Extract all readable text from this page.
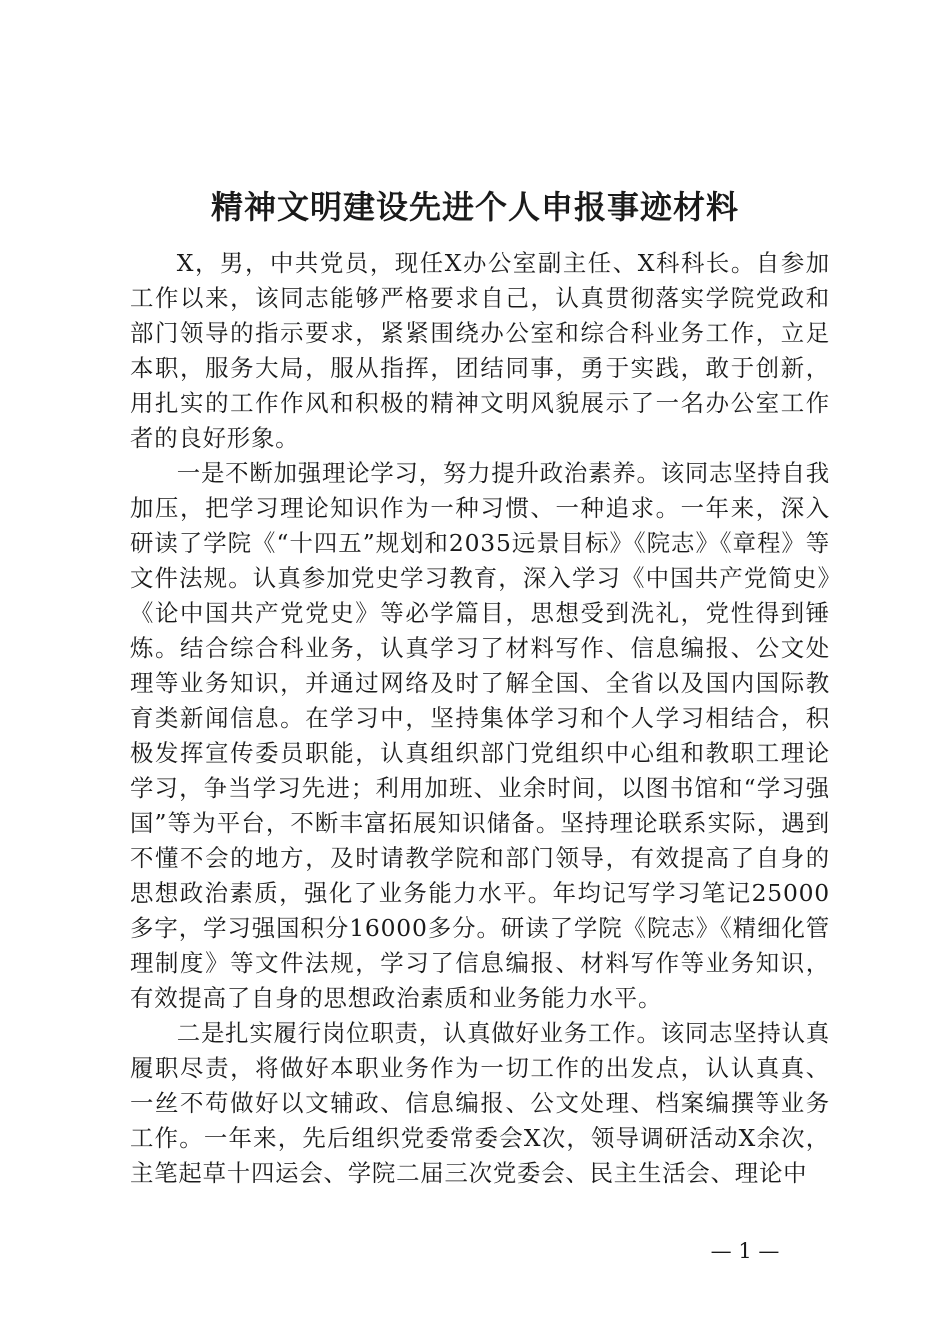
精神文明建设先进个人申报事迹材料

X，男，中共党员，现任X办公室副主任、X科科长。自参加工作以来，该同志能够严格要求自己，认真贯彻落实学院党政和部门领导的指示要求，紧紧围绕办公室和综合科业务工作，立足本职，服务大局，服从指挥，团结同事，勇于实践，敢于创新，用扎实的工作作风和积极的精神文明风貌展示了一名办公室工作者的良好形象。

一是不断加强理论学习，努力提升政治素养。该同志坚持自我加压，把学习理论知识作为一种习惯、一种追求。一年来，深入研读了学院《“十四五”规划和2035远景目标》《院志》《章程》等文件法规。认真参加党史学习教育，深入学习《中国共产党简史》《论中国共产党党史》等必学篇目，思想受到洗礼，党性得到锤炼。结合综合科业务，认真学习了材料写作、信息编报、公文处理等业务知识，并通过网络及时了解全国、全省以及国内国际教育类新闻信息。在学习中，坚持集体学习和个人学习相结合，积极发挥宣传委员职能，认真组织部门党组织中心组和教职工理论学习，争当学习先进；利用加班、业余时间，以图书馆和“学习强国”等为平台，不断丰富拓展知识储备。坚持理论联系实际，遇到不懂不会的地方，及时请教学院和部门领导，有效提高了自身的思想政治素质，强化了业务能力水平。年均记写学习笔记25000多字，学习强国积分16000多分。研读了学院《院志》《精细化管理制度》等文件法规，学习了信息编报、材料写作等业务知识，有效提高了自身的思想政治素质和业务能力水平。

二是扎实履行岗位职责，认真做好业务工作。该同志坚持认真履职尽责，将做好本职业务作为一切工作的出发点，认认真真、一丝不苟做好以文辅政、信息编报、公文处理、档案编撰等业务工作。一年来，先后组织党委常委会X次，领导调研活动X余次，主笔起草十四运会、学院二届三次党委会、民主生活会、理论中

— 1 —
